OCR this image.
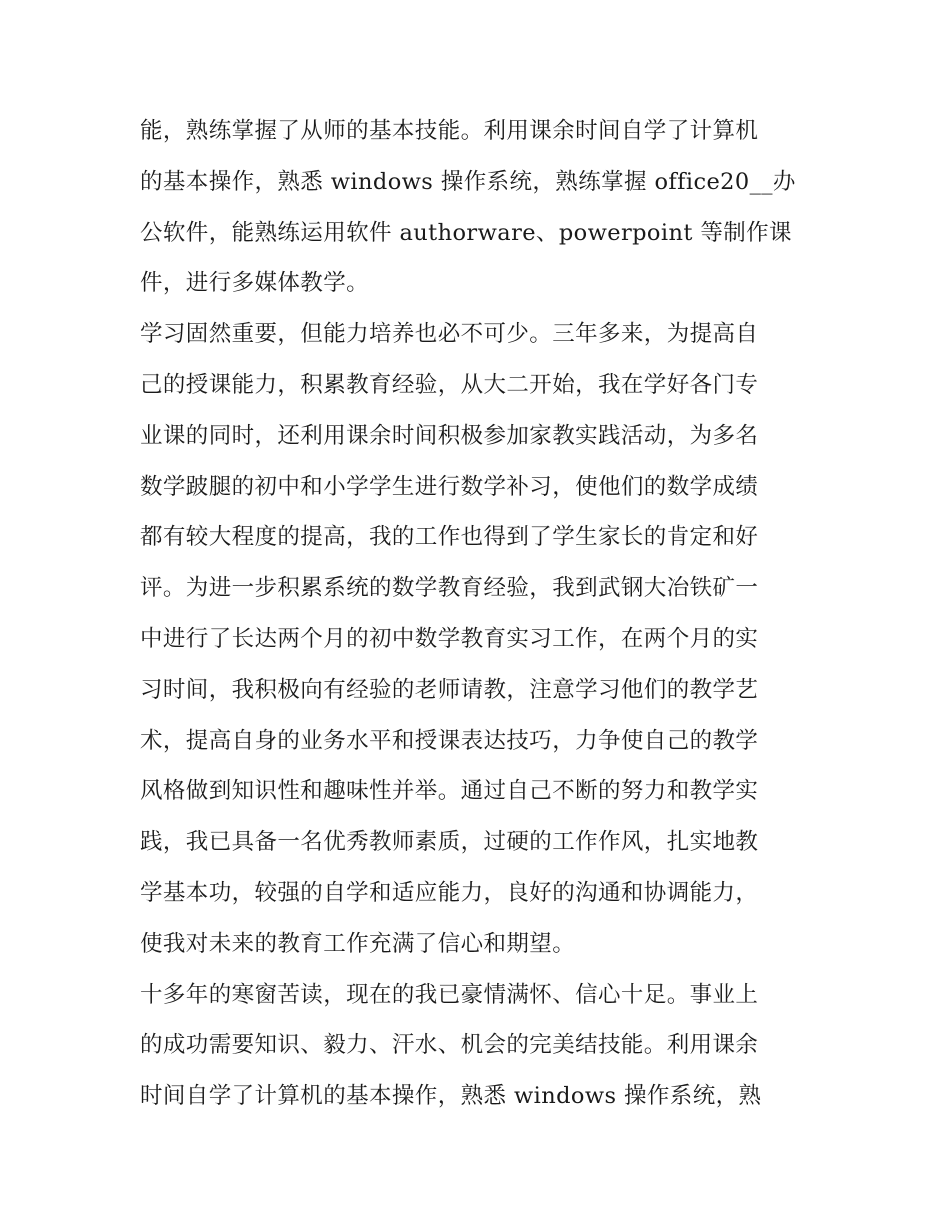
能，熟练掌握了从师的基本技能。利用课余时间自学了计算机
的基本操作，熟悉 windows 操作系统，熟练掌握 office20__办
公软件，能熟练运用软件 authorware、powerpoint 等制作课
件，进行多媒体教学。
学习固然重要，但能力培养也必不可少。三年多来，为提高自
己的授课能力，积累教育经验，从大二开始，我在学好各门专
业课的同时，还利用课余时间积极参加家教实践活动，为多名
数学跛腿的初中和小学学生进行数学补习，使他们的数学成绩
都有较大程度的提高，我的工作也得到了学生家长的肯定和好
评。为进一步积累系统的数学教育经验，我到武钢大冶铁矿一
中进行了长达两个月的初中数学教育实习工作，在两个月的实
习时间，我积极向有经验的老师请教，注意学习他们的教学艺
术，提高自身的业务水平和授课表达技巧，力争使自己的教学
风格做到知识性和趣味性并举。通过自己不断的努力和教学实
践，我已具备一名优秀教师素质，过硬的工作作风，扎实地教
学基本功，较强的自学和适应能力，良好的沟通和协调能力，
使我对未来的教育工作充满了信心和期望。
十多年的寒窗苦读，现在的我已豪情满怀、信心十足。事业上
的成功需要知识、毅力、汗水、机会的完美结技能。利用课余
时间自学了计算机的基本操作，熟悉 windows 操作系统，熟
